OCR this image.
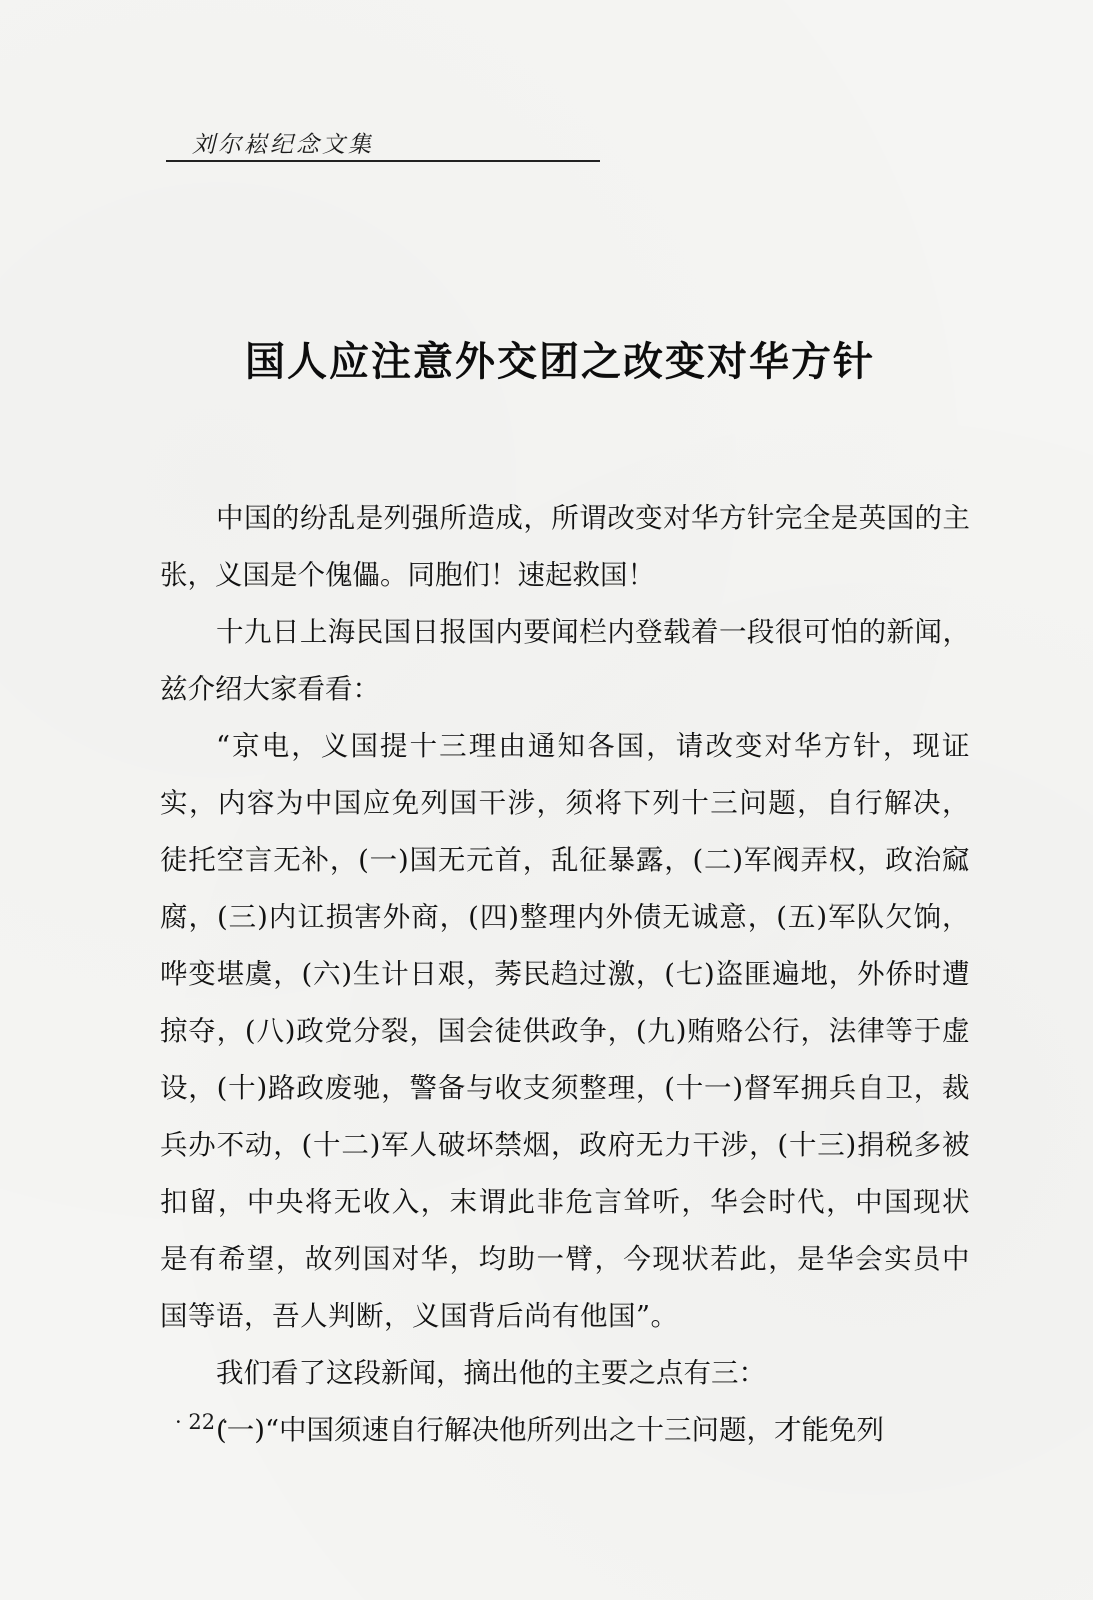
刘尔崧纪念文集
国人应注意外交团之改变对华方针

中国的纷乱是列强所造成，所谓改变对华方针完全是英国的主张，义国是个傀儡。同胞们！速起救国！

十九日上海民国日报国内要闻栏内登载着一段很可怕的新闻，兹介绍大家看看：

“京电，义国提十三理由通知各国，请改变对华方针，现证实，内容为中国应免列国干涉，须将下列十三问题，自行解决，徒托空言无补，(一)国无元首，乱征暴露，(二)军阀弄权，政治窳腐，(三)内讧损害外商，(四)整理内外债无诚意，(五)军队欠饷，哗变堪虞，(六)生计日艰，莠民趋过激，(七)盗匪遍地，外侨时遭掠夺，(八)政党分裂，国会徒供政争，(九)贿赂公行，法律等于虚设，(十)路政废驰，警备与收支须整理，(十一)督军拥兵自卫，裁兵办不动，(十二)军人破坏禁烟，政府无力干涉，(十三)捐税多被扣留，中央将无收入，末谓此非危言耸听，华会时代，中国现状是有希望，故列国对华，均助一臂，今现状若此，是华会实员中国等语，吾人判断，义国背后尚有他国”。

我们看了这段新闻，摘出他的主要之点有三：

(一)“中国须速自行解决他所列出之十三问题，才能免列

· 22 ·
